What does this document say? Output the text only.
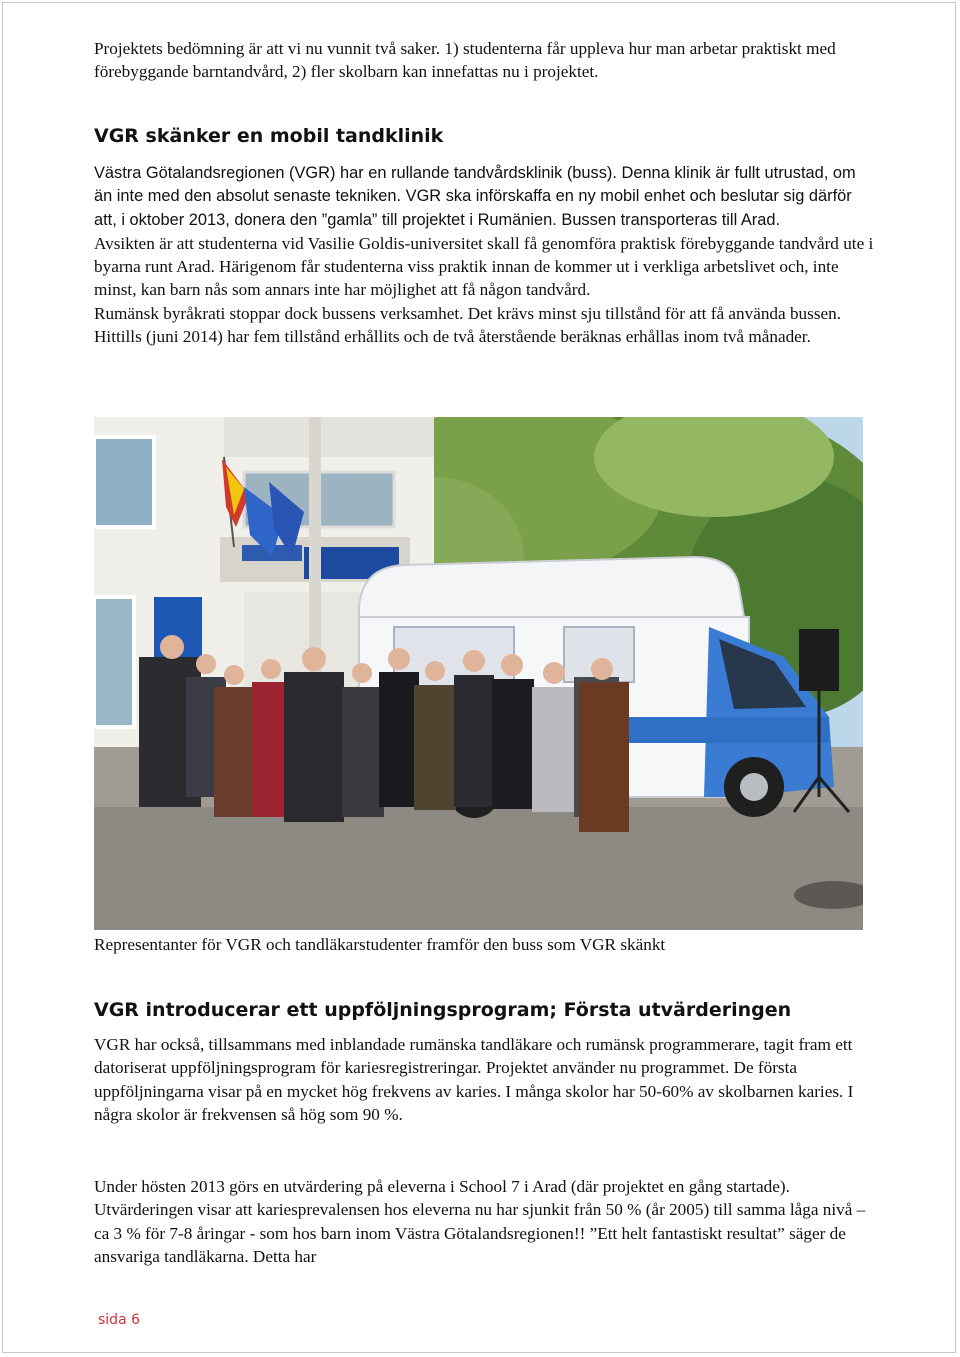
Projektets bedömning är att vi nu vunnit två saker. 1) studenterna får uppleva hur man arbetar praktiskt med förebyggande barntandvård, 2) fler skolbarn kan innefattas nu i projektet.

VGR skänker en mobil tandklinik

Västra Götalandsregionen (VGR) har en rullande tandvårdsklinik (buss). Denna klinik är fullt utrustad, om än inte med den absolut senaste tekniken. VGR ska införskaffa en ny mobil enhet och beslutar sig därför att, i oktober 2013, donera den ”gamla” till projektet i Rumänien. Bussen transporteras till Arad.

Avsikten är att studenterna vid Vasilie Goldis-universitet skall få genomföra praktisk förebyggande tandvård ute i byarna runt Arad. Härigenom får studenterna viss praktik innan de kommer ut i verkliga arbetslivet och, inte minst, kan barn nås som annars inte har möjlighet att få någon tandvård.

Rumänsk byråkrati stoppar dock bussens verksamhet. Det krävs minst sju tillstånd för att få använda bussen. Hittills (juni 2014) har fem tillstånd erhållits och de två återstående beräknas erhållas inom två månader.

Representanter för VGR och tandläkarstudenter framför den buss som VGR skänkt

VGR introducerar ett uppföljningsprogram; Första utvärderingen

VGR har också, tillsammans med inblandade rumänska tandläkare och rumänsk programmerare, tagit fram ett datoriserat uppföljningsprogram för kariesregistreringar. Projektet använder nu programmet. De första uppföljningarna visar på en mycket hög frekvens av karies. I många skolor har 50-60% av skolbarnen karies. I några skolor är frekvensen så hög som 90 %.

Under hösten 2013 görs en utvärdering på eleverna i School 7 i Arad (där projektet en gång startade). Utvärderingen visar att kariesprevalensen hos eleverna nu har sjunkit från 50 % (år 2005) till samma låga nivå – ca 3 % för 7-8 åringar - som hos barn inom Västra Götalandsregionen!! ”Ett helt fantastiskt resultat” säger de ansvariga tandläkarna. Detta har

sida 6
